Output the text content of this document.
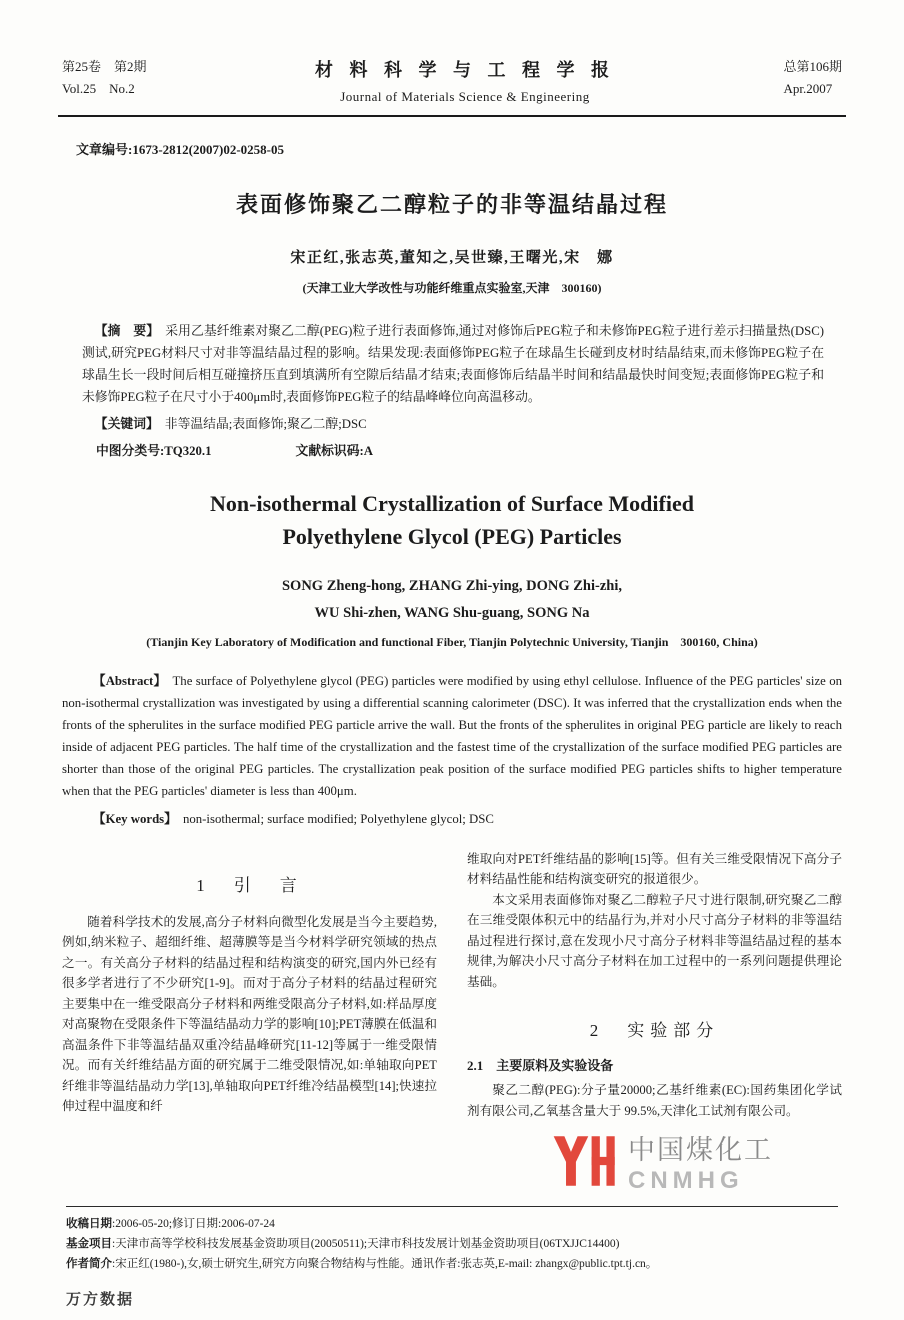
第25卷　第2期
Vol.25　No.2
材 料 科 学 与 工 程 学 报
Journal of Materials Science & Engineering
总第106期
Apr.2007
文章编号:1673-2812(2007)02-0258-05
表面修饰聚乙二醇粒子的非等温结晶过程
宋正红,张志英,董知之,吴世臻,王曙光,宋　娜
(天津工业大学改性与功能纤维重点实验室,天津　300160)

【摘　要】 采用乙基纤维素对聚乙二醇(PEG)粒子进行表面修饰,通过对修饰后PEG粒子和未修饰PEG粒子进行差示扫描量热(DSC)测试,研究PEG材料尺寸对非等温结晶过程的影响。结果发现:表面修饰PEG粒子在球晶生长碰到皮材时结晶结束,而未修饰PEG粒子在球晶生长一段时间后相互碰撞挤压直到填满所有空隙后结晶才结束;表面修饰后结晶半时间和结晶最快时间变短;表面修饰PEG粒子和未修饰PEG粒子在尺寸小于400μm时,表面修饰PEG粒子的结晶峰峰位向高温移动。

【关键词】 非等温结晶;表面修饰;聚乙二醇;DSC

中图分类号:TQ320.1	文献标识码:A
Non-isothermal Crystallization of Surface Modified
Polyethylene Glycol (PEG) Particles
SONG Zheng-hong, ZHANG Zhi-ying, DONG Zhi-zhi,
WU Shi-zhen, WANG Shu-guang, SONG Na
(Tianjin Key Laboratory of Modification and functional Fiber, Tianjin Polytechnic University, Tianjin　300160, China)

【Abstract】 The surface of Polyethylene glycol (PEG) particles were modified by using ethyl cellulose. Influence of the PEG particles' size on non-isothermal crystallization was investigated by using a differential scanning calorimeter (DSC). It was inferred that the crystallization ends when the fronts of the spherulites in the surface modified PEG particle arrive the wall. But the fronts of the spherulites in original PEG particle are likely to reach inside of adjacent PEG particles. The half time of the crystallization and the fastest time of the crystallization of the surface modified PEG particles are shorter than those of the original PEG particles. The crystallization peak position of the surface modified PEG particles shifts to higher temperature when that the PEG particles' diameter is less than 400μm.

【Key words】 non-isothermal; surface modified; Polyethylene glycol; DSC

1　引　言

随着科学技术的发展,高分子材料向微型化发展是当今主要趋势,例如,纳米粒子、超细纤维、超薄膜等是当今材料学研究领域的热点之一。有关高分子材料的结晶过程和结构演变的研究,国内外已经有很多学者进行了不少研究[1-9]。而对于高分子材料的结晶过程研究主要集中在一维受限高分子材料和两维受限高分子材料,如:样品厚度对高聚物在受限条件下等温结晶动力学的影响[10];PET薄膜在低温和高温条件下非等温结晶双重冷结晶峰研究[11-12]等属于一维受限情况。而有关纤维结晶方面的研究属于二维受限情况,如:单轴取向PET纤维非等温结晶动力学[13],单轴取向PET纤维冷结晶模型[14];快速拉伸过程中温度和纤

维取向对PET纤维结晶的影响[15]等。但有关三维受限情况下高分子材料结晶性能和结构演变研究的报道很少。

本文采用表面修饰对聚乙二醇粒子尺寸进行限制,研究聚乙二醇在三维受限体积元中的结晶行为,并对小尺寸高分子材料的非等温结晶过程进行探讨,意在发现小尺寸高分子材料非等温结晶过程的基本规律,为解决小尺寸高分子材料在加工过程中的一系列问题提供理论基础。

2　实验部分
2.1　主要原料及实验设备

聚乙二醇(PEG):分子量20000;乙基纤维素(EC):国药集团化学试剂有限公司,乙氧基含量大于 99.5%,天津化工试剂有限公司。

中国煤化工
CNMHG
收稿日期:2006-05-20;修订日期:2006-07-24
基金项目:天津市高等学校科技发展基金资助项目(20050511);天津市科技发展计划基金资助项目(06TXJJC14400)
作者简介:宋正红(1980-),女,硕士研究生,研究方向聚合物结构与性能。通讯作者:张志英,E-mail: zhangx@public.tpt.tj.cn。
万方数据
